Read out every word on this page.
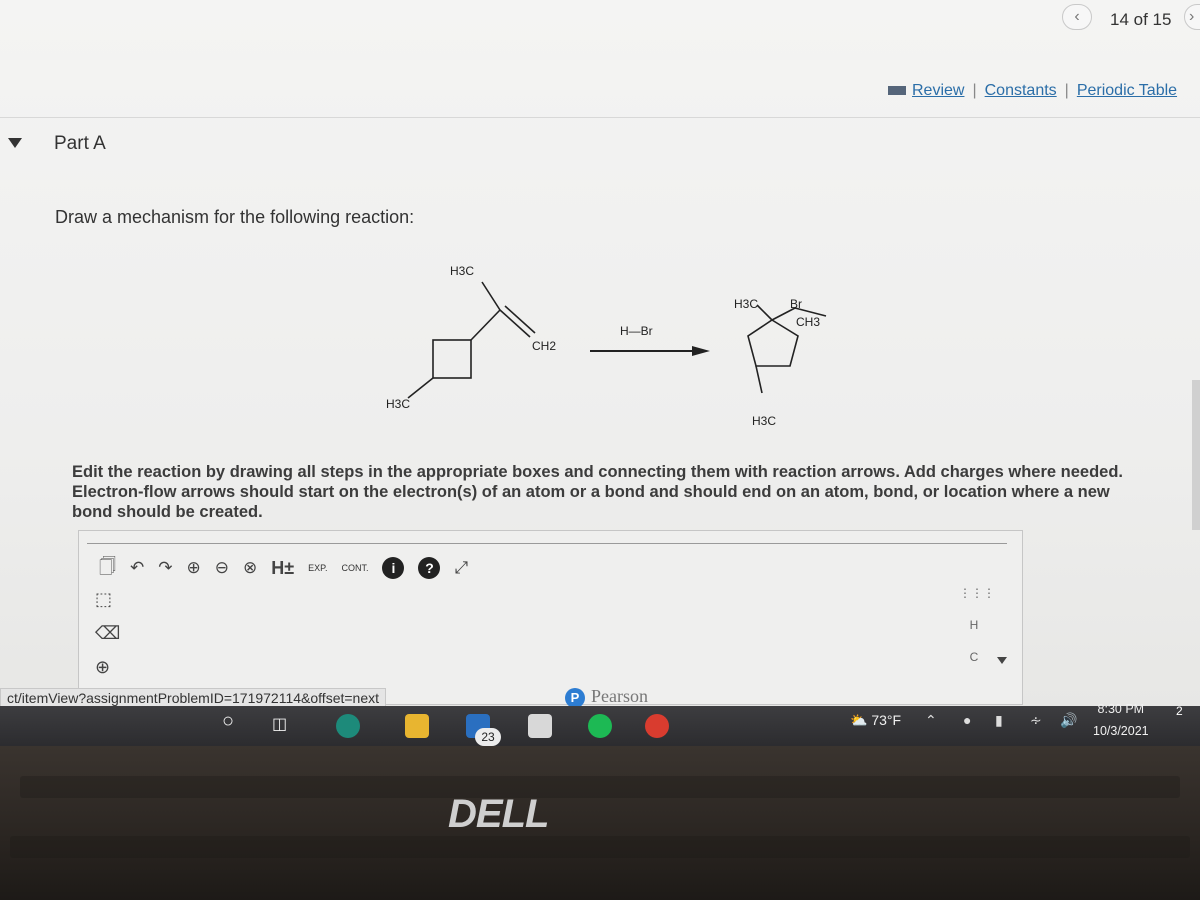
‹	14 of 15	›
Review | Constants | Periodic Table
Part A
Draw a mechanism for the following reaction:
H3C
CH2
H3C
H—Br
H3C	Br
CH3
H3C
Edit the reaction by drawing all steps in the appropriate boxes and connecting them with reaction arrows. Add charges where needed. Electron-flow arrows should start on the electron(s) of an atom or a bond and should end on an atom, bond, or location where a new bond should be created.
🗍 ↶ ↷ ⊕ ⊖ ⊗ H± EXP. CONT.	i	?	⤢
⬚
⌫
⊕
⋮⋮⋮
H
C
ct/itemView?assignmentProblemID=171972114&offset=next	P Pearson
○ ◫
23
⛅ 73°F ⌃ ● ▮ ∻ 🔊
8:30 PM
10/3/2021
2
DELL
